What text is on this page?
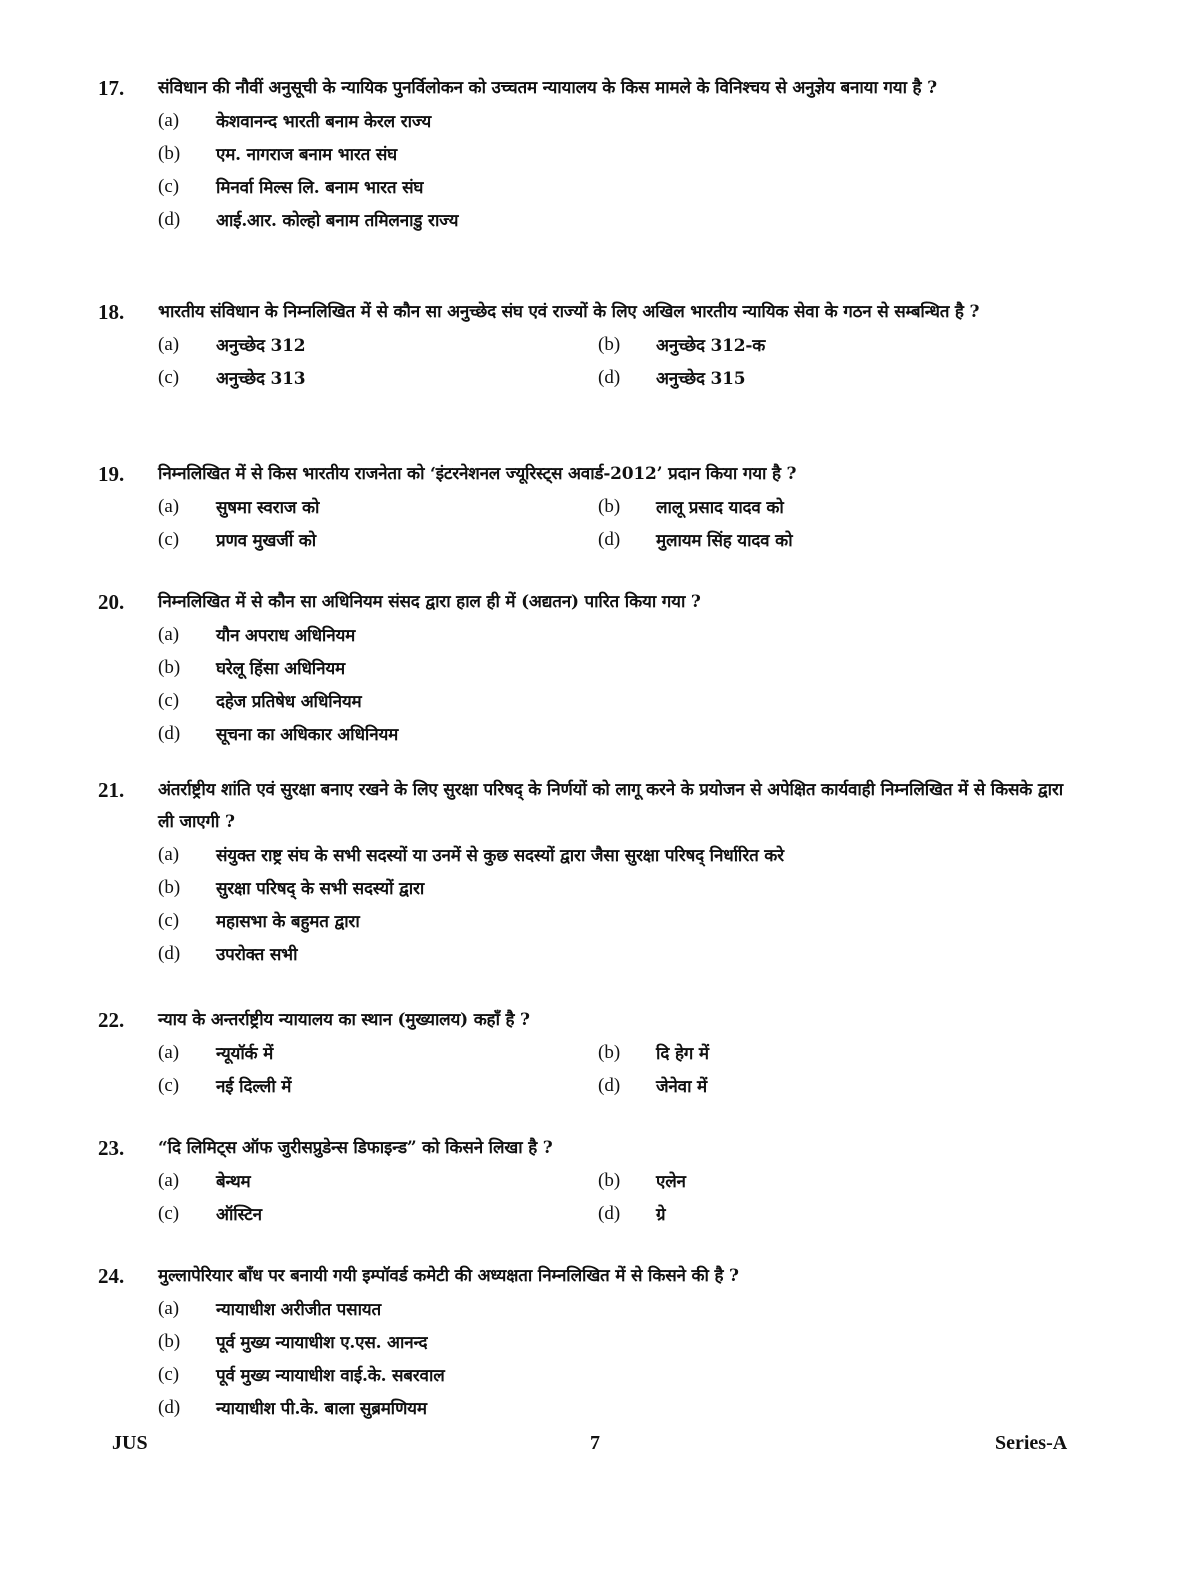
17.	संविधान की नौवीं अनुसूची के न्यायिक पुनर्विलोकन को उच्चतम न्यायालय के किस मामले के विनिश्चय से अनुज्ञेय बनाया गया है ?
(a)	केशवानन्द भारती बनाम केरल राज्य
(b)	एम. नागराज बनाम भारत संघ
(c)	मिनर्वा मिल्स लि. बनाम भारत संघ
(d)	आई.आर. कोल्हो बनाम तमिलनाडु राज्य
18.	भारतीय संविधान के निम्नलिखित में से कौन सा अनुच्छेद संघ एवं राज्यों के लिए अखिल भारतीय न्यायिक सेवा के गठन से सम्बन्धित है ?
(a)	अनुच्छेद 312	(b)	अनुच्छेद 312-क
(c)	अनुच्छेद 313	(d)	अनुच्छेद 315
19.	निम्नलिखित में से किस भारतीय राजनेता को ‘इंटरनेशनल ज्यूरिस्ट्स अवार्ड-2012’ प्रदान किया गया है ?
(a)	सुषमा स्वराज को	(b)	लालू प्रसाद यादव को
(c)	प्रणव मुखर्जी को	(d)	मुलायम सिंह यादव को
20.	निम्नलिखित में से कौन सा अधिनियम संसद द्वारा हाल ही में (अद्यतन) पारित किया गया ?
(a)	यौन अपराध अधिनियम
(b)	घरेलू हिंसा अधिनियम
(c)	दहेज प्रतिषेध अधिनियम
(d)	सूचना का अधिकार अधिनियम
21.	अंतर्राष्ट्रीय शांति एवं सुरक्षा बनाए रखने के लिए सुरक्षा परिषद् के निर्णयों को लागू करने के प्रयोजन से अपेक्षित कार्यवाही निम्नलिखित में से किसके द्वारा ली जाएगी ?
(a)	संयुक्त राष्ट्र संघ के सभी सदस्यों या उनमें से कुछ सदस्यों द्वारा जैसा सुरक्षा परिषद् निर्धारित करे
(b)	सुरक्षा परिषद् के सभी सदस्यों द्वारा
(c)	महासभा के बहुमत द्वारा
(d)	उपरोक्त सभी
22.	न्याय के अन्तर्राष्ट्रीय न्यायालय का स्थान (मुख्यालय) कहाँ है ?
(a)	न्यूयॉर्क में	(b)	दि हेग में
(c)	नई दिल्ली में	(d)	जेनेवा में
23.	“दि लिमिट्स ऑफ जुरीसप्रुडेन्स डिफाइन्ड” को किसने लिखा है ?
(a)	बेन्थम	(b)	एलेन
(c)	ऑस्टिन	(d)	ग्रे
24.	मुल्लापेरियार बाँध पर बनायी गयी इम्पॉवर्ड कमेटी की अध्यक्षता निम्नलिखित में से किसने की है ?
(a)	न्यायाधीश अरीजीत पसायत
(b)	पूर्व मुख्य न्यायाधीश ए.एस. आनन्द
(c)	पूर्व मुख्य न्यायाधीश वाई.के. सबरवाल
(d)	न्यायाधीश पी.के. बाला सुब्रमणियम
JUS	7	Series-A
